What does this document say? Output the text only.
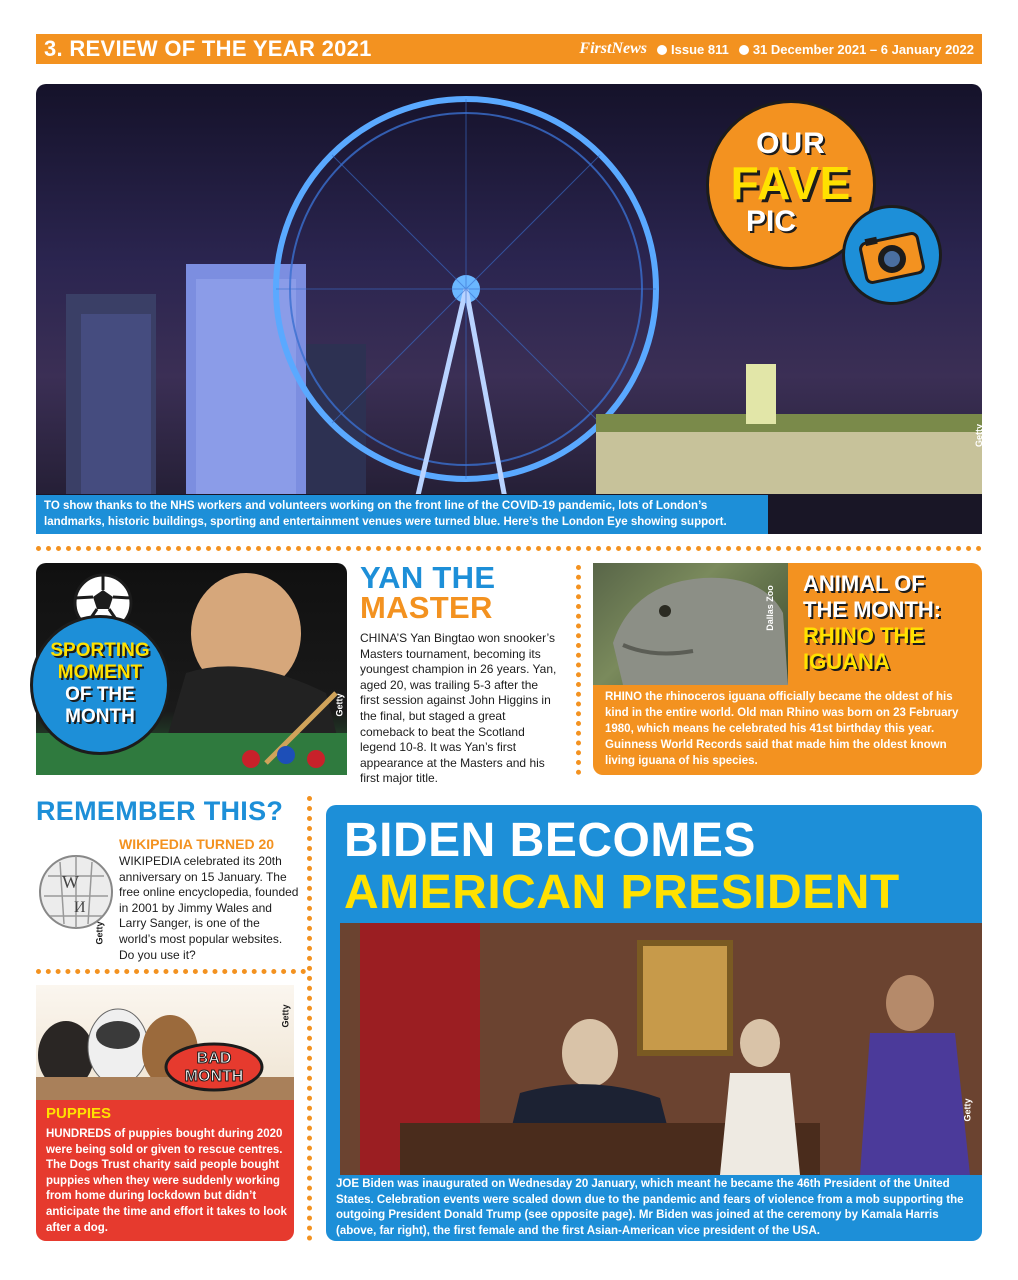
3. REVIEW OF THE YEAR 2021	FirstNews	Issue 811	31 December 2021 – 6 January 2022
Getty
TO show thanks to the NHS workers and volunteers working on the front line of the COVID-19 pandemic, lots of London’s landmarks, historic buildings, sporting and entertainment venues were turned blue. Here’s the London Eye showing support.
OUR
FAVE
PIC
Getty
SPORTING
MOMENT
OF THE
MONTH
YAN THE
MASTER

CHINA’S Yan Bingtao won snooker’s Masters tournament, becoming its youngest champion in 26 years. Yan, aged 20, was trailing 5-3 after the first session against John Higgins in the final, but staged a great comeback to beat the Scotland legend 10-8. It was Yan’s first appearance at the Masters and his first major title.

Dallas Zoo
ANIMAL OF
THE MONTH:
RHINO THE
IGUANA
RHINO the rhinoceros iguana officially became the oldest of his kind in the entire world. Old man Rhino was born on 23 February 1980, which means he celebrated his 41st birthday this year. Guinness World Records said that made him the oldest known living iguana of his species.
REMEMBER THIS?
W
И
Getty
WIKIPEDIA TURNED 20

WIKIPEDIA celebrated its 20th anniversary on 15 January. The free online encyclopedia, founded in 2001 by Jimmy Wales and Larry Sanger, is one of the world’s most popular websites. Do you use it?

Getty
PUPPIES

HUNDREDS of puppies bought during 2020 were being sold or given to rescue centres. The Dogs Trust charity said people bought puppies when they were suddenly working from home during lockdown but didn’t anticipate the time and effort it takes to look after a dog.

BAD
MONTH
BIDEN BECOMES
AMERICAN PRESIDENT
Getty
JOE Biden was inaugurated on Wednesday 20 January, which meant he became the 46th President of the United States. Celebration events were scaled down due to the pandemic and fears of violence from a mob supporting the outgoing President Donald Trump (see opposite page). Mr Biden was joined at the ceremony by Kamala Harris (above, far right), the first female and the first Asian-American vice president of the USA.
